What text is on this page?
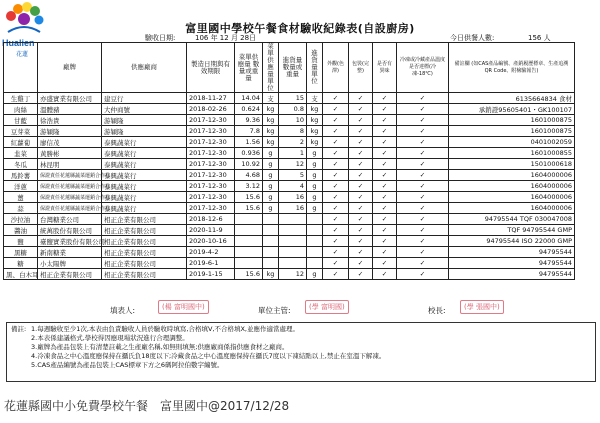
Hualien
花蓮
富里國中學校午餐食材驗收紀錄表(自設廚房)
驗收日期:	106 年 12 月 28日	今日供餐人數:	156 人
	廠牌	供應廠商	製造日期與有效期限	菜單供應量 數量或重量	菜單供應量 單位	進貨量 數量或重量	進貨量 單位	外觀(色澤)	包裝(完整)	是否有異味	冷凍或冷藏產品溫度是否達標(冷凍-18℃)	備註欄 (如CAS產品編號、產銷履歷標章、生產追溯QR Code、附檢驗報告)
生雞丁	亦盛實業有限公司	建豆行	2018-11-27	14.04	支	15	支	✓	✓	✓	✓	6135664834 食材
肉絲	溫體豬	大仲商號	2018-02-26	0.624	kg	0.8	kg	✓	✓	✓	✓	承銷證95605401・GK100107
甘藍	徐浩貴	游穎隆	2017-12-30	9.36	kg	10	kg	✓	✓	✓	✓	1601000875
豆芽菜	游穎隆	游穎隆	2017-12-30	7.8	kg	8	kg	✓	✓	✓	✓	1601000875
紅蘿蔔	廖信茂	泰興蔬菜行	2017-12-30	1.56	kg	2	kg	✓	✓	✓	✓	0401002059
韭菜	黃勝彬	泰興蔬菜行	2017-12-30	0.936	g	1	g	✓	✓	✓	✓	1601000855
冬瓜	林昆明	泰興蔬菜行	2017-12-30	10.92	g	12	g	✓	✓	✓	✓	1501000618
馬鈴薯	保證責任花蓮縣蔬菜運銷合作社	泰興蔬菜行	2017-12-30	4.68	g	5	g	✓	✓	✓	✓	1604000006
洋蔥	保證責任花蓮縣蔬菜運銷合作社	泰興蔬菜行	2017-12-30	3.12	g	4	g	✓	✓	✓	✓	1604000006
薑	保證責任花蓮縣蔬菜運銷合作社	泰興蔬菜行	2017-12-30	15.6	g	16	g	✓	✓	✓	✓	1604000006
蒜	保證責任花蓮縣蔬菜運銷合作社	泰興蔬菜行	2017-12-30	15.6	g	16	g	✓	✓	✓	✓	1604000006
沙拉油	台灣糖業公司	相正企業有限公司	2018-12-6					✓	✓	✓	✓	94795544 TQF 030047008
醬油	統萬股份有限公司	相正企業有限公司	2020-11-9					✓	✓	✓	✓	TQF 94795544 GMP
鹽	臺鹽實業股份有限公司	相正企業有限公司	2020-10-16					✓	✓	✓	✓	94795544 ISO 22000 GMP
黑糖	新南糖業	相正企業有限公司	2019-4-2					✓	✓	✓	✓	94795544
糖	小太陽牌	相正企業有限公司	2019-6-1					✓	✓	✓	✓	94795544
黑、白木耳	相正企業有限公司	相正企業有限公司	2019-1-15	15.6	kg	12	g	✓	✓	✓	✓	94795544
填表人:	(楊 富明國中)	單位主管:	(學 富明國)	校長:	(學 張國中)
備註: 1.每週驗收至少1次,本表由負責驗收人員於驗收時填寫,合格填V,不合格填X,並應作適當處理。
2.本表係建議格式,學校得因應現場狀況進行合理調整。
3.廠牌為產品包裝上有清楚註載之生產廠名稱,如無則填無;供應廠商係指供應食材之廠商。
4.冷凍食品之中心溫度應保持在攝氏負18度以下;冷藏食品之中心溫度應保持在攝氏7度以下凍結點以上,禁止在室溫下解凍。
5.CAS產品編號為產品包裝上CAS標章下方之6碼阿拉伯數字編號。
花蓮縣國中小免費學校午餐　富里國中@2017/12/28
